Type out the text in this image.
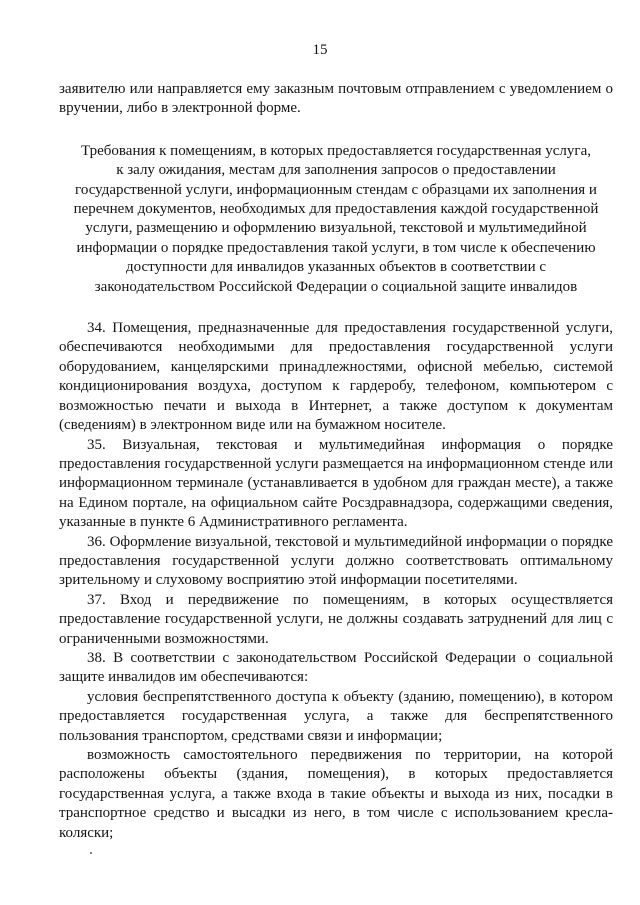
15

заявителю или направляется ему заказным почтовым отправлением с уведомлением о вручении, либо в электронной форме.

Требования к помещениям, в которых предоставляется государственная услуга,
к залу ожидания, местам для заполнения запросов о предоставлении
государственной услуги, информационным стендам с образцами их заполнения и
перечнем документов, необходимых для предоставления каждой государственной
услуги, размещению и оформлению визуальной, текстовой и мультимедийной
информации о порядке предоставления такой услуги, в том числе к обеспечению
доступности для инвалидов указанных объектов в соответствии с
законодательством Российской Федерации о социальной защите инвалидов

34. Помещения, предназначенные для предоставления государственной услуги, обеспечиваются необходимыми для предоставления государственной услуги оборудованием, канцелярскими принадлежностями, офисной мебелью, системой кондиционирования воздуха, доступом к гардеробу, телефоном, компьютером с возможностью печати и выхода в Интернет, а также доступом к документам (сведениям) в электронном виде или на бумажном носителе.

35. Визуальная, текстовая и мультимедийная информация о порядке предоставления государственной услуги размещается на информационном стенде или информационном терминале (устанавливается в удобном для граждан месте), а также на Едином портале, на официальном сайте Росздравнадзора, содержащими сведения, указанные в пункте 6 Административного регламента.

36. Оформление визуальной, текстовой и мультимедийной информации о порядке предоставления государственной услуги должно соответствовать оптимальному зрительному и слуховому восприятию этой информации посетителями.

37. Вход и передвижение по помещениям, в которых осуществляется предоставление государственной услуги, не должны создавать затруднений для лиц с ограниченными возможностями.

38. В соответствии с законодательством Российской Федерации о социальной защите инвалидов им обеспечиваются:

условия беспрепятственного доступа к объекту (зданию, помещению), в котором предоставляется государственная услуга, а также для беспрепятственного пользования транспортом, средствами связи и информации;

возможность самостоятельного передвижения по территории, на которой расположены объекты (здания, помещения), в которых предоставляется государственная услуга, а также входа в такие объекты и выхода из них, посадки в транспортное средство и высадки из него, в том числе с использованием кресла-коляски;
